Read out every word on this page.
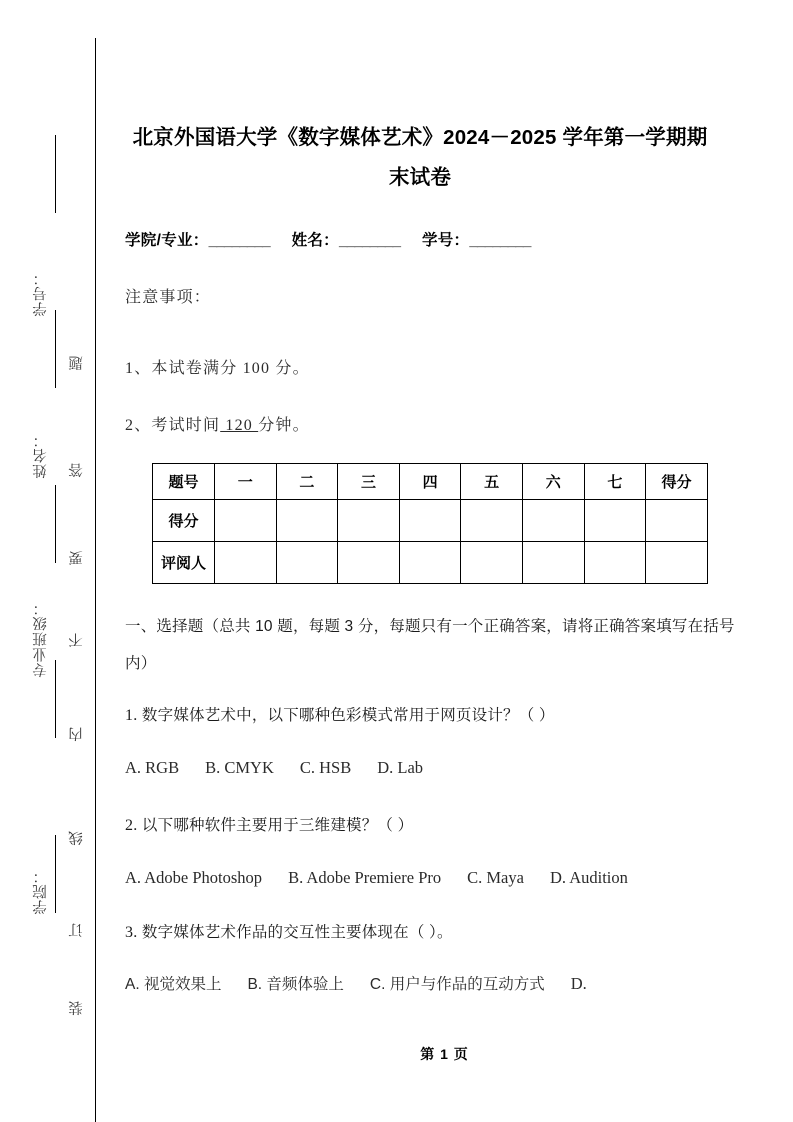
学号：
姓名：
专业班级：
学院：
题
答
要
不
内
线
订
装
北京外国语大学《数字媒体艺术》2024－2025 学年第一学期期末试卷
学院/专业：________ 姓名：________ 学号：________
注意事项：
1、本试卷满分 100 分。
2、考试时间 120 分钟。
题号	一	二	三	四	五	六	七	得分
得分								
评阅人								
一、选择题（总共 10 题，每题 3 分，每题只有一个正确答案，请将正确答案填写在括号内）
1. 数字媒体艺术中，以下哪种色彩模式常用于网页设计？（ ）
A. RGB B. CMYK C. HSB D. Lab
2. 以下哪种软件主要用于三维建模？（ ）
A. Adobe Photoshop B. Adobe Premiere Pro C. Maya D. Audition
3. 数字媒体艺术作品的交互性主要体现在（ ）。
A. 视觉效果上 B. 音频体验上 C. 用户与作品的互动方式 D.
第 1 页
